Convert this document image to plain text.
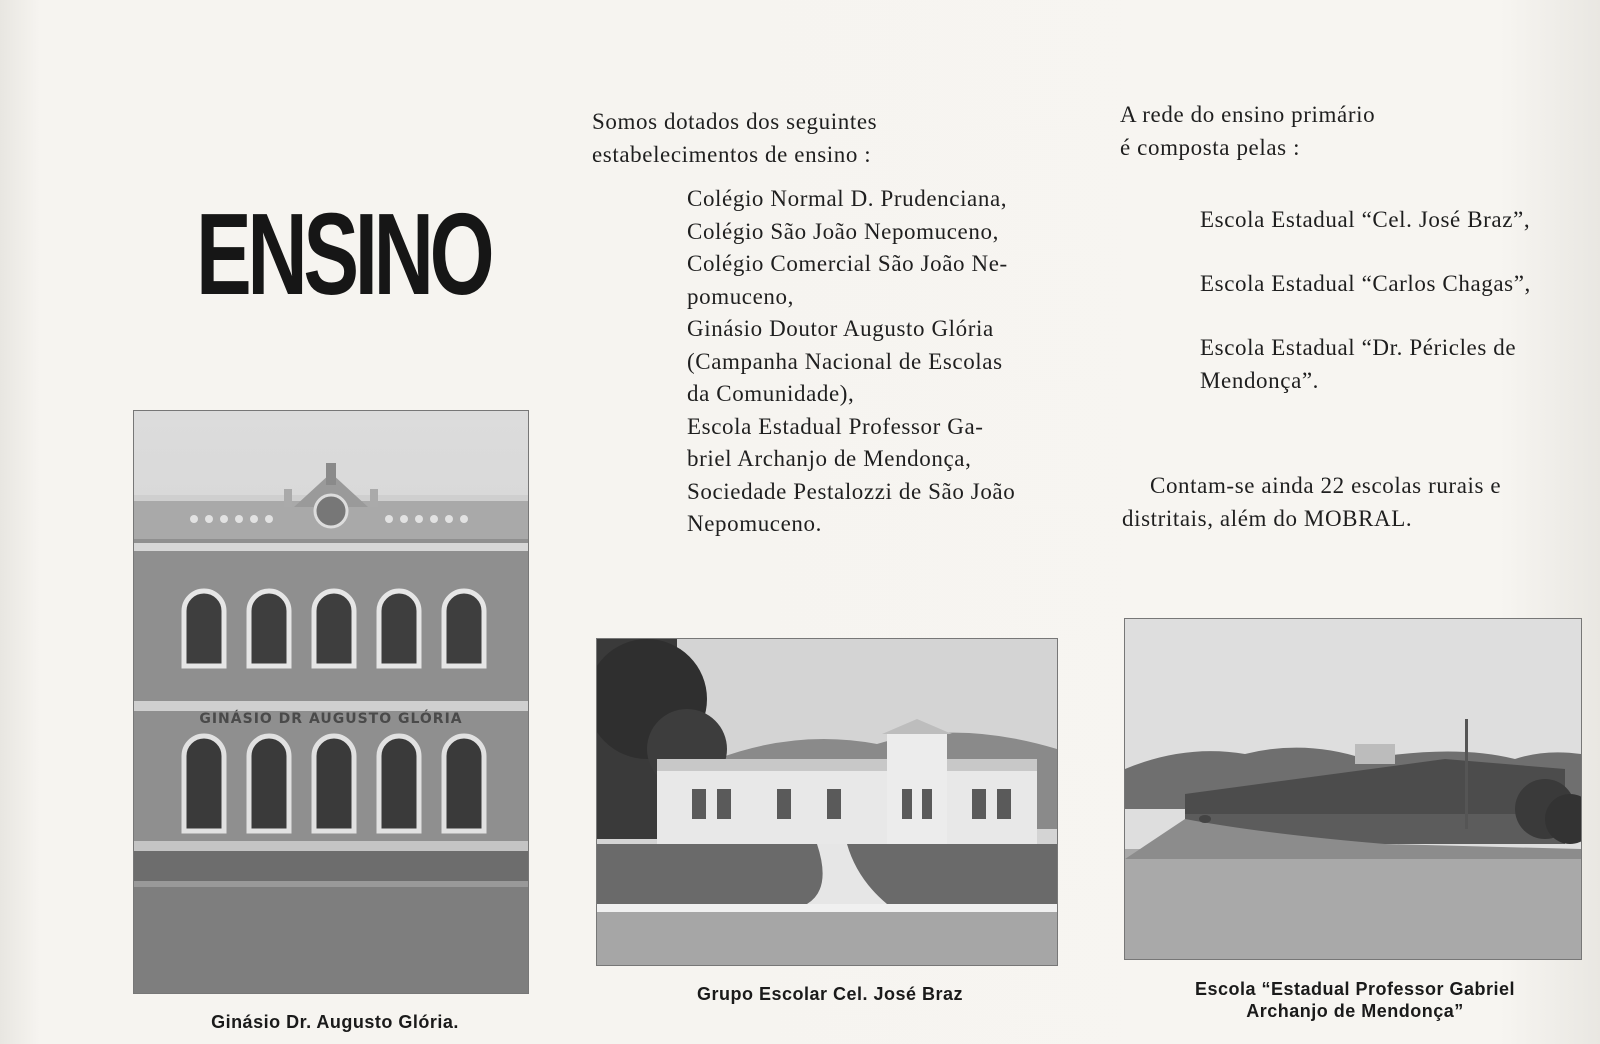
ENSINO

Somos dotados dos seguintes

estabelecimentos de ensino :

Colégio Normal D. Prudenciana,

Colégio São João Nepomuceno,

Colégio Comercial São João Ne-

pomuceno,

Ginásio Doutor Augusto Glória

(Campanha Nacional de Escolas

da Comunidade),

Escola Estadual Professor Ga-

briel Archanjo de Mendonça,

Sociedade Pestalozzi de São João

Nepomuceno.

A rede do ensino primário

é composta pelas :

Escola Estadual “Cel. José Braz”,
Escola Estadual “Carlos Chagas”,
Escola Estadual “Dr. Péricles de
Mendonça”.

Contam-se ainda 22 escolas rurais e

distritais, além do MOBRAL.

GINÁSIO DR AUGUSTO GLÓRIA
Ginásio Dr. Augusto Glória.
Grupo Escolar Cel. José Braz	Escola “Estadual Professor Gabriel
Archanjo de Mendonça”
